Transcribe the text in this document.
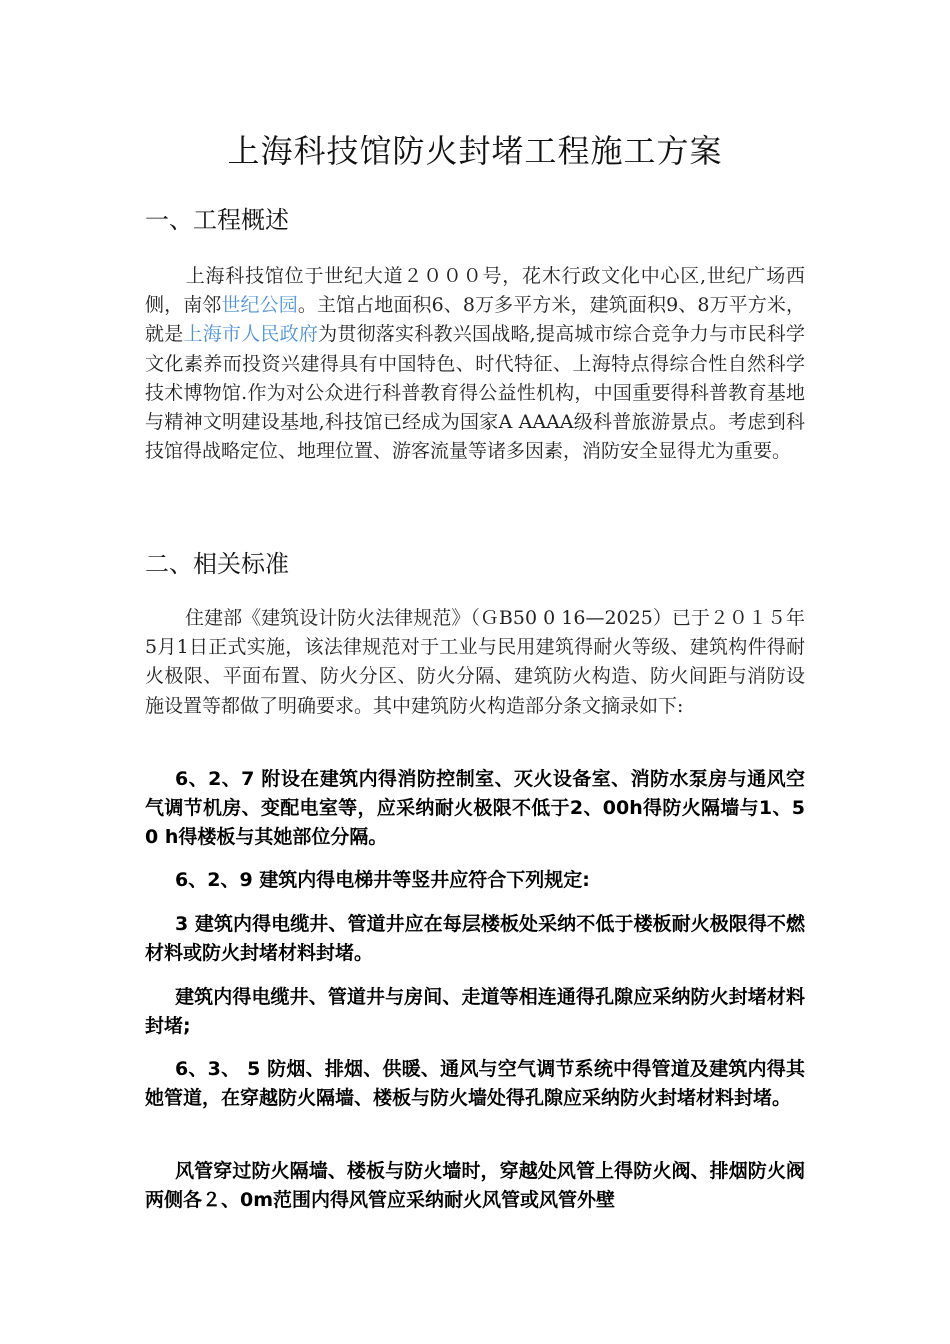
上海科技馆防火封堵工程施工方案
一、工程概述
上海科技馆位于世纪大道２０００号，花木行政文化中心区,世纪广场西侧，南邻世纪公园。主馆占地面积6、8万多平方米，建筑面积9、8万平方米，就是上海市人民政府为贯彻落实科教兴国战略,提高城市综合竞争力与市民科学文化素养而投资兴建得具有中国特色、时代特征、上海特点得综合性自然科学技术博物馆.作为对公众进行科普教育得公益性机构，中国重要得科普教育基地与精神文明建设基地,科技馆已经成为国家A AAAA级科普旅游景点。考虑到科技馆得战略定位、地理位置、游客流量等诸多因素，消防安全显得尤为重要。
二、相关标准
住建部《建筑设计防火法律规范》（ＧB50 0 16—2025）已于２０１５年5月1日正式实施，该法律规范对于工业与民用建筑得耐火等级、建筑构件得耐火极限、平面布置、防火分区、防火分隔、建筑防火构造、防火间距与消防设施设置等都做了明确要求。其中建筑防火构造部分条文摘录如下:
6、2、7 附设在建筑内得消防控制室、灭火设备室、消防水泵房与通风空气调节机房、变配电室等，应采纳耐火极限不低于2、00h得防火隔墙与1、50 h得楼板与其她部位分隔。
6、2、9 建筑内得电梯井等竖井应符合下列规定:
3 建筑内得电缆井、管道井应在每层楼板处采纳不低于楼板耐火极限得不燃材料或防火封堵材料封堵。
建筑内得电缆井、管道井与房间、走道等相连通得孔隙应采纳防火封堵材料封堵;
6、3、 5 防烟、排烟、供暖、通风与空气调节系统中得管道及建筑内得其她管道，在穿越防火隔墙、楼板与防火墙处得孔隙应采纳防火封堵材料封堵。
风管穿过防火隔墙、楼板与防火墙时，穿越处风管上得防火阀、排烟防火阀两侧各２、0m范围内得风管应采纳耐火风管或风管外壁
